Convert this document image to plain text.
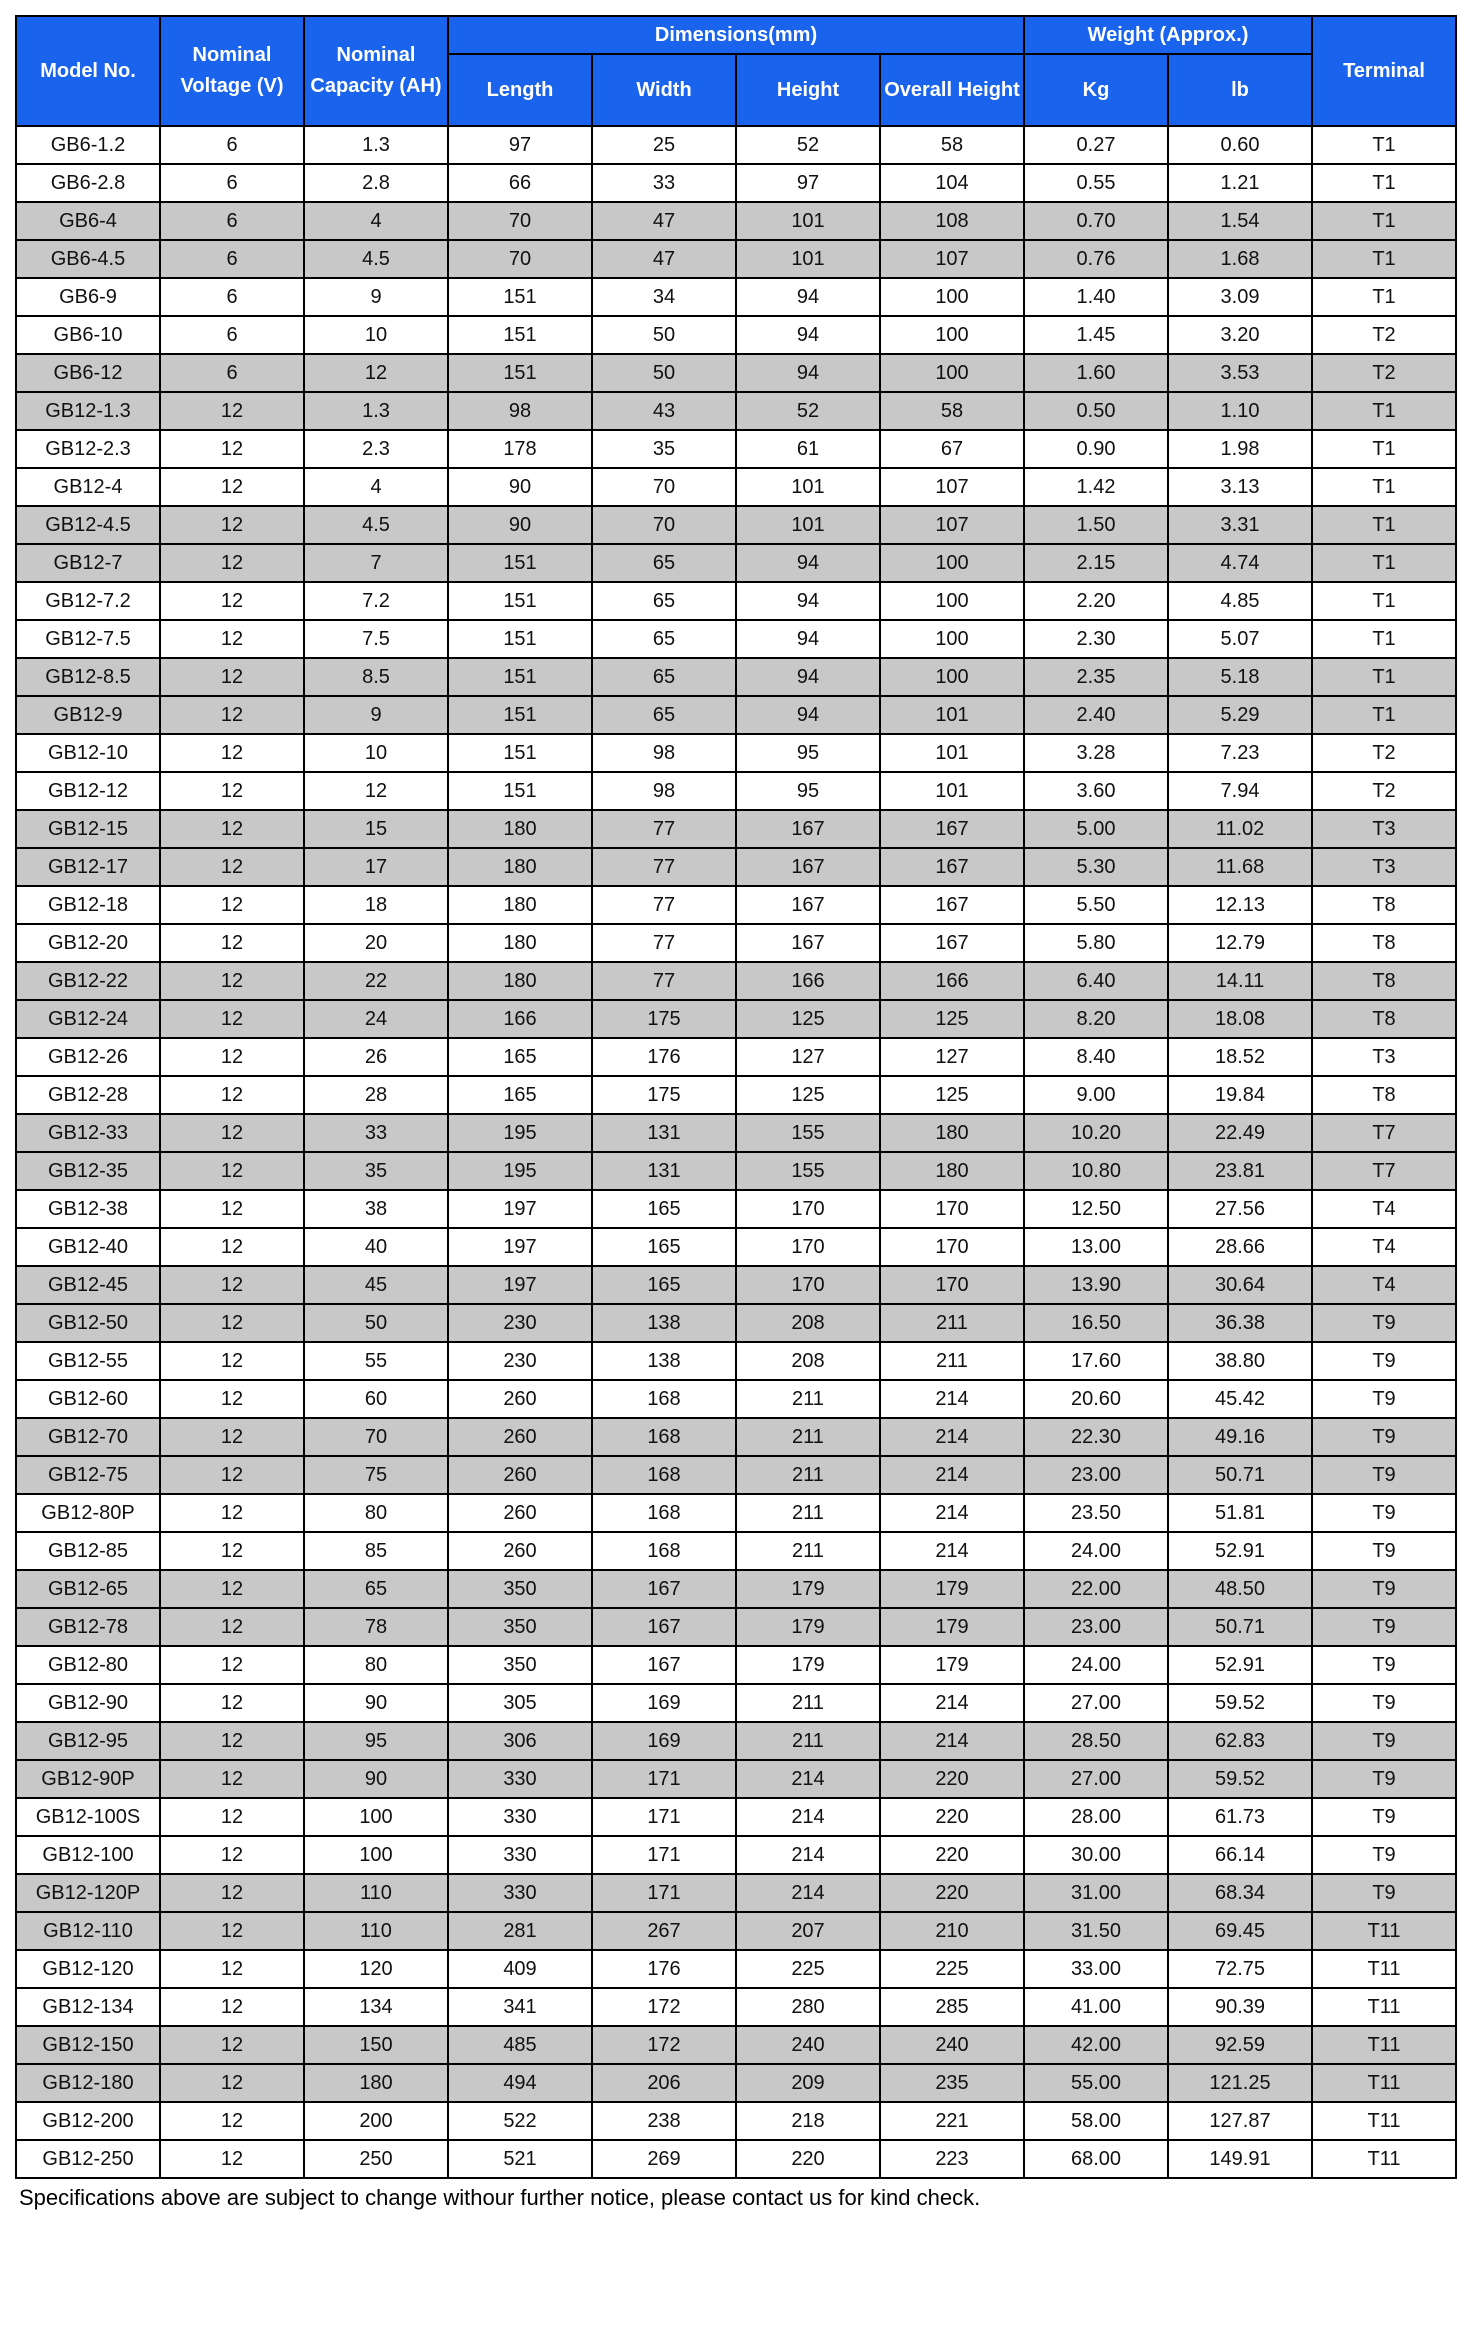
Model No.	Nominal Voltage (V)	Nominal Capacity (AH)	Dimensions(mm)				Weight (Approx.)		Terminal
			Length	Width	Height	Overall Height	Kg	lb	
GB6-1.2	6	1.3	97	25	52	58	0.27	0.60	T1
GB6-2.8	6	2.8	66	33	97	104	0.55	1.21	T1
GB6-4	6	4	70	47	101	108	0.70	1.54	T1
GB6-4.5	6	4.5	70	47	101	107	0.76	1.68	T1
GB6-9	6	9	151	34	94	100	1.40	3.09	T1
GB6-10	6	10	151	50	94	100	1.45	3.20	T2
GB6-12	6	12	151	50	94	100	1.60	3.53	T2
GB12-1.3	12	1.3	98	43	52	58	0.50	1.10	T1
GB12-2.3	12	2.3	178	35	61	67	0.90	1.98	T1
GB12-4	12	4	90	70	101	107	1.42	3.13	T1
GB12-4.5	12	4.5	90	70	101	107	1.50	3.31	T1
GB12-7	12	7	151	65	94	100	2.15	4.74	T1
GB12-7.2	12	7.2	151	65	94	100	2.20	4.85	T1
GB12-7.5	12	7.5	151	65	94	100	2.30	5.07	T1
GB12-8.5	12	8.5	151	65	94	100	2.35	5.18	T1
GB12-9	12	9	151	65	94	101	2.40	5.29	T1
GB12-10	12	10	151	98	95	101	3.28	7.23	T2
GB12-12	12	12	151	98	95	101	3.60	7.94	T2
GB12-15	12	15	180	77	167	167	5.00	11.02	T3
GB12-17	12	17	180	77	167	167	5.30	11.68	T3
GB12-18	12	18	180	77	167	167	5.50	12.13	T8
GB12-20	12	20	180	77	167	167	5.80	12.79	T8
GB12-22	12	22	180	77	166	166	6.40	14.11	T8
GB12-24	12	24	166	175	125	125	8.20	18.08	T8
GB12-26	12	26	165	176	127	127	8.40	18.52	T3
GB12-28	12	28	165	175	125	125	9.00	19.84	T8
GB12-33	12	33	195	131	155	180	10.20	22.49	T7
GB12-35	12	35	195	131	155	180	10.80	23.81	T7
GB12-38	12	38	197	165	170	170	12.50	27.56	T4
GB12-40	12	40	197	165	170	170	13.00	28.66	T4
GB12-45	12	45	197	165	170	170	13.90	30.64	T4
GB12-50	12	50	230	138	208	211	16.50	36.38	T9
GB12-55	12	55	230	138	208	211	17.60	38.80	T9
GB12-60	12	60	260	168	211	214	20.60	45.42	T9
GB12-70	12	70	260	168	211	214	22.30	49.16	T9
GB12-75	12	75	260	168	211	214	23.00	50.71	T9
GB12-80P	12	80	260	168	211	214	23.50	51.81	T9
GB12-85	12	85	260	168	211	214	24.00	52.91	T9
GB12-65	12	65	350	167	179	179	22.00	48.50	T9
GB12-78	12	78	350	167	179	179	23.00	50.71	T9
GB12-80	12	80	350	167	179	179	24.00	52.91	T9
GB12-90	12	90	305	169	211	214	27.00	59.52	T9
GB12-95	12	95	306	169	211	214	28.50	62.83	T9
GB12-90P	12	90	330	171	214	220	27.00	59.52	T9
GB12-100S	12	100	330	171	214	220	28.00	61.73	T9
GB12-100	12	100	330	171	214	220	30.00	66.14	T9
GB12-120P	12	110	330	171	214	220	31.00	68.34	T9
GB12-110	12	110	281	267	207	210	31.50	69.45	T11
GB12-120	12	120	409	176	225	225	33.00	72.75	T11
GB12-134	12	134	341	172	280	285	41.00	90.39	T11
GB12-150	12	150	485	172	240	240	42.00	92.59	T11
GB12-180	12	180	494	206	209	235	55.00	121.25	T11
GB12-200	12	200	522	238	218	221	58.00	127.87	T11
GB12-250	12	250	521	269	220	223	68.00	149.91	T11
Specifications above are subject to change withour further notice, please contact us for kind check.
